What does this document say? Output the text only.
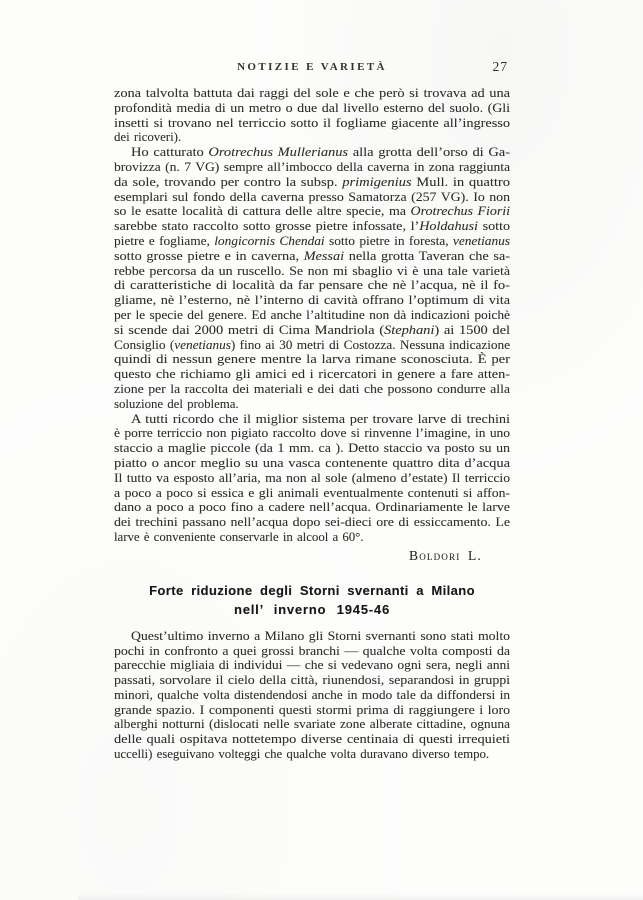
NOTIZIE E VARIETÀ	27
zona talvolta battuta dai raggi del sole e che però si trovava ad una
profondità media di un metro o due dal livello esterno del suolo. (Gli
insetti si trovano nel terriccio sotto il fogliame giacente all’ingresso
dei ricoveri).
Ho catturato Orotrechus Mullerianus alla grotta dell’orso di Ga-
brovizza (n. 7 VG) sempre all’imbocco della caverna in zona raggiunta
da sole, trovando per contro la subsp. primigenius Mull. in quattro
esemplari sul fondo della caverna presso Samatorza (257 VG). Io non
so le esatte località di cattura delle altre specie, ma Orotrechus Fiorii
sarebbe stato raccolto sotto grosse pietre infossate, l’Holdahusi sotto
pietre e fogliame, longicornis Chendai sotto pietre in foresta, venetianus
sotto grosse pietre e in caverna, Messai nella grotta Taveran che sa-
rebbe percorsa da un ruscello. Se non mi sbaglio vi è una tale varietà
di caratteristiche di località da far pensare che nè l’acqua, nè il fo-
gliame, nè l’esterno, nè l’interno di cavità offrano l’optimum di vita
per le specie del genere. Ed anche l’altitudine non dà indicazioni poichè
si scende dai 2000 metri di Cima Mandriola (Stephani) ai 1500 del
Consiglio (venetianus) fino ai 30 metri di Costozza. Nessuna indicazione
quindi di nessun genere mentre la larva rimane sconosciuta. È per
questo che richiamo gli amici ed i ricercatori in genere a fare atten-
zione per la raccolta dei materiali e dei dati che possono condurre alla
soluzione del problema.
A tutti ricordo che il miglior sistema per trovare larve di trechini
è porre terriccio non pigiato raccolto dove si rinvenne l’imagine, in uno
staccio a maglie piccole (da 1 mm. ca ). Detto staccio va posto su un
piatto o ancor meglio su una vasca contenente quattro dita d’acqua
Il tutto va esposto all’aria, ma non al sole (almeno d’estate) Il terriccio
a poco a poco si essica e gli animali eventualmente contenuti si affon-
dano a poco a poco fino a cadere nell’acqua. Ordinariamente le larve
dei trechini passano nell’acqua dopo sei-dieci ore di essiccamento. Le
larve è conveniente conservarle in alcool a 60°.
Boldori L.
Forte riduzione degli Storni svernanti a Milano
nell’ inverno 1945-46
Quest’ultimo inverno a Milano gli Storni svernanti sono stati molto
pochi in confronto a quei grossi branchi — qualche volta composti da
parecchie migliaia di individui — che si vedevano ogni sera, negli anni
passati, sorvolare il cielo della città, riunendosi, separandosi in gruppi
minori, qualche volta distendendosi anche in modo tale da diffondersi in
grande spazio. I componenti questi stormi prima di raggiungere i loro
alberghi notturni (dislocati nelle svariate zone alberate cittadine, ognuna
delle quali ospitava nottetempo diverse centinaia di questi irrequieti
uccelli) eseguivano volteggi che qualche volta duravano diverso tempo.
